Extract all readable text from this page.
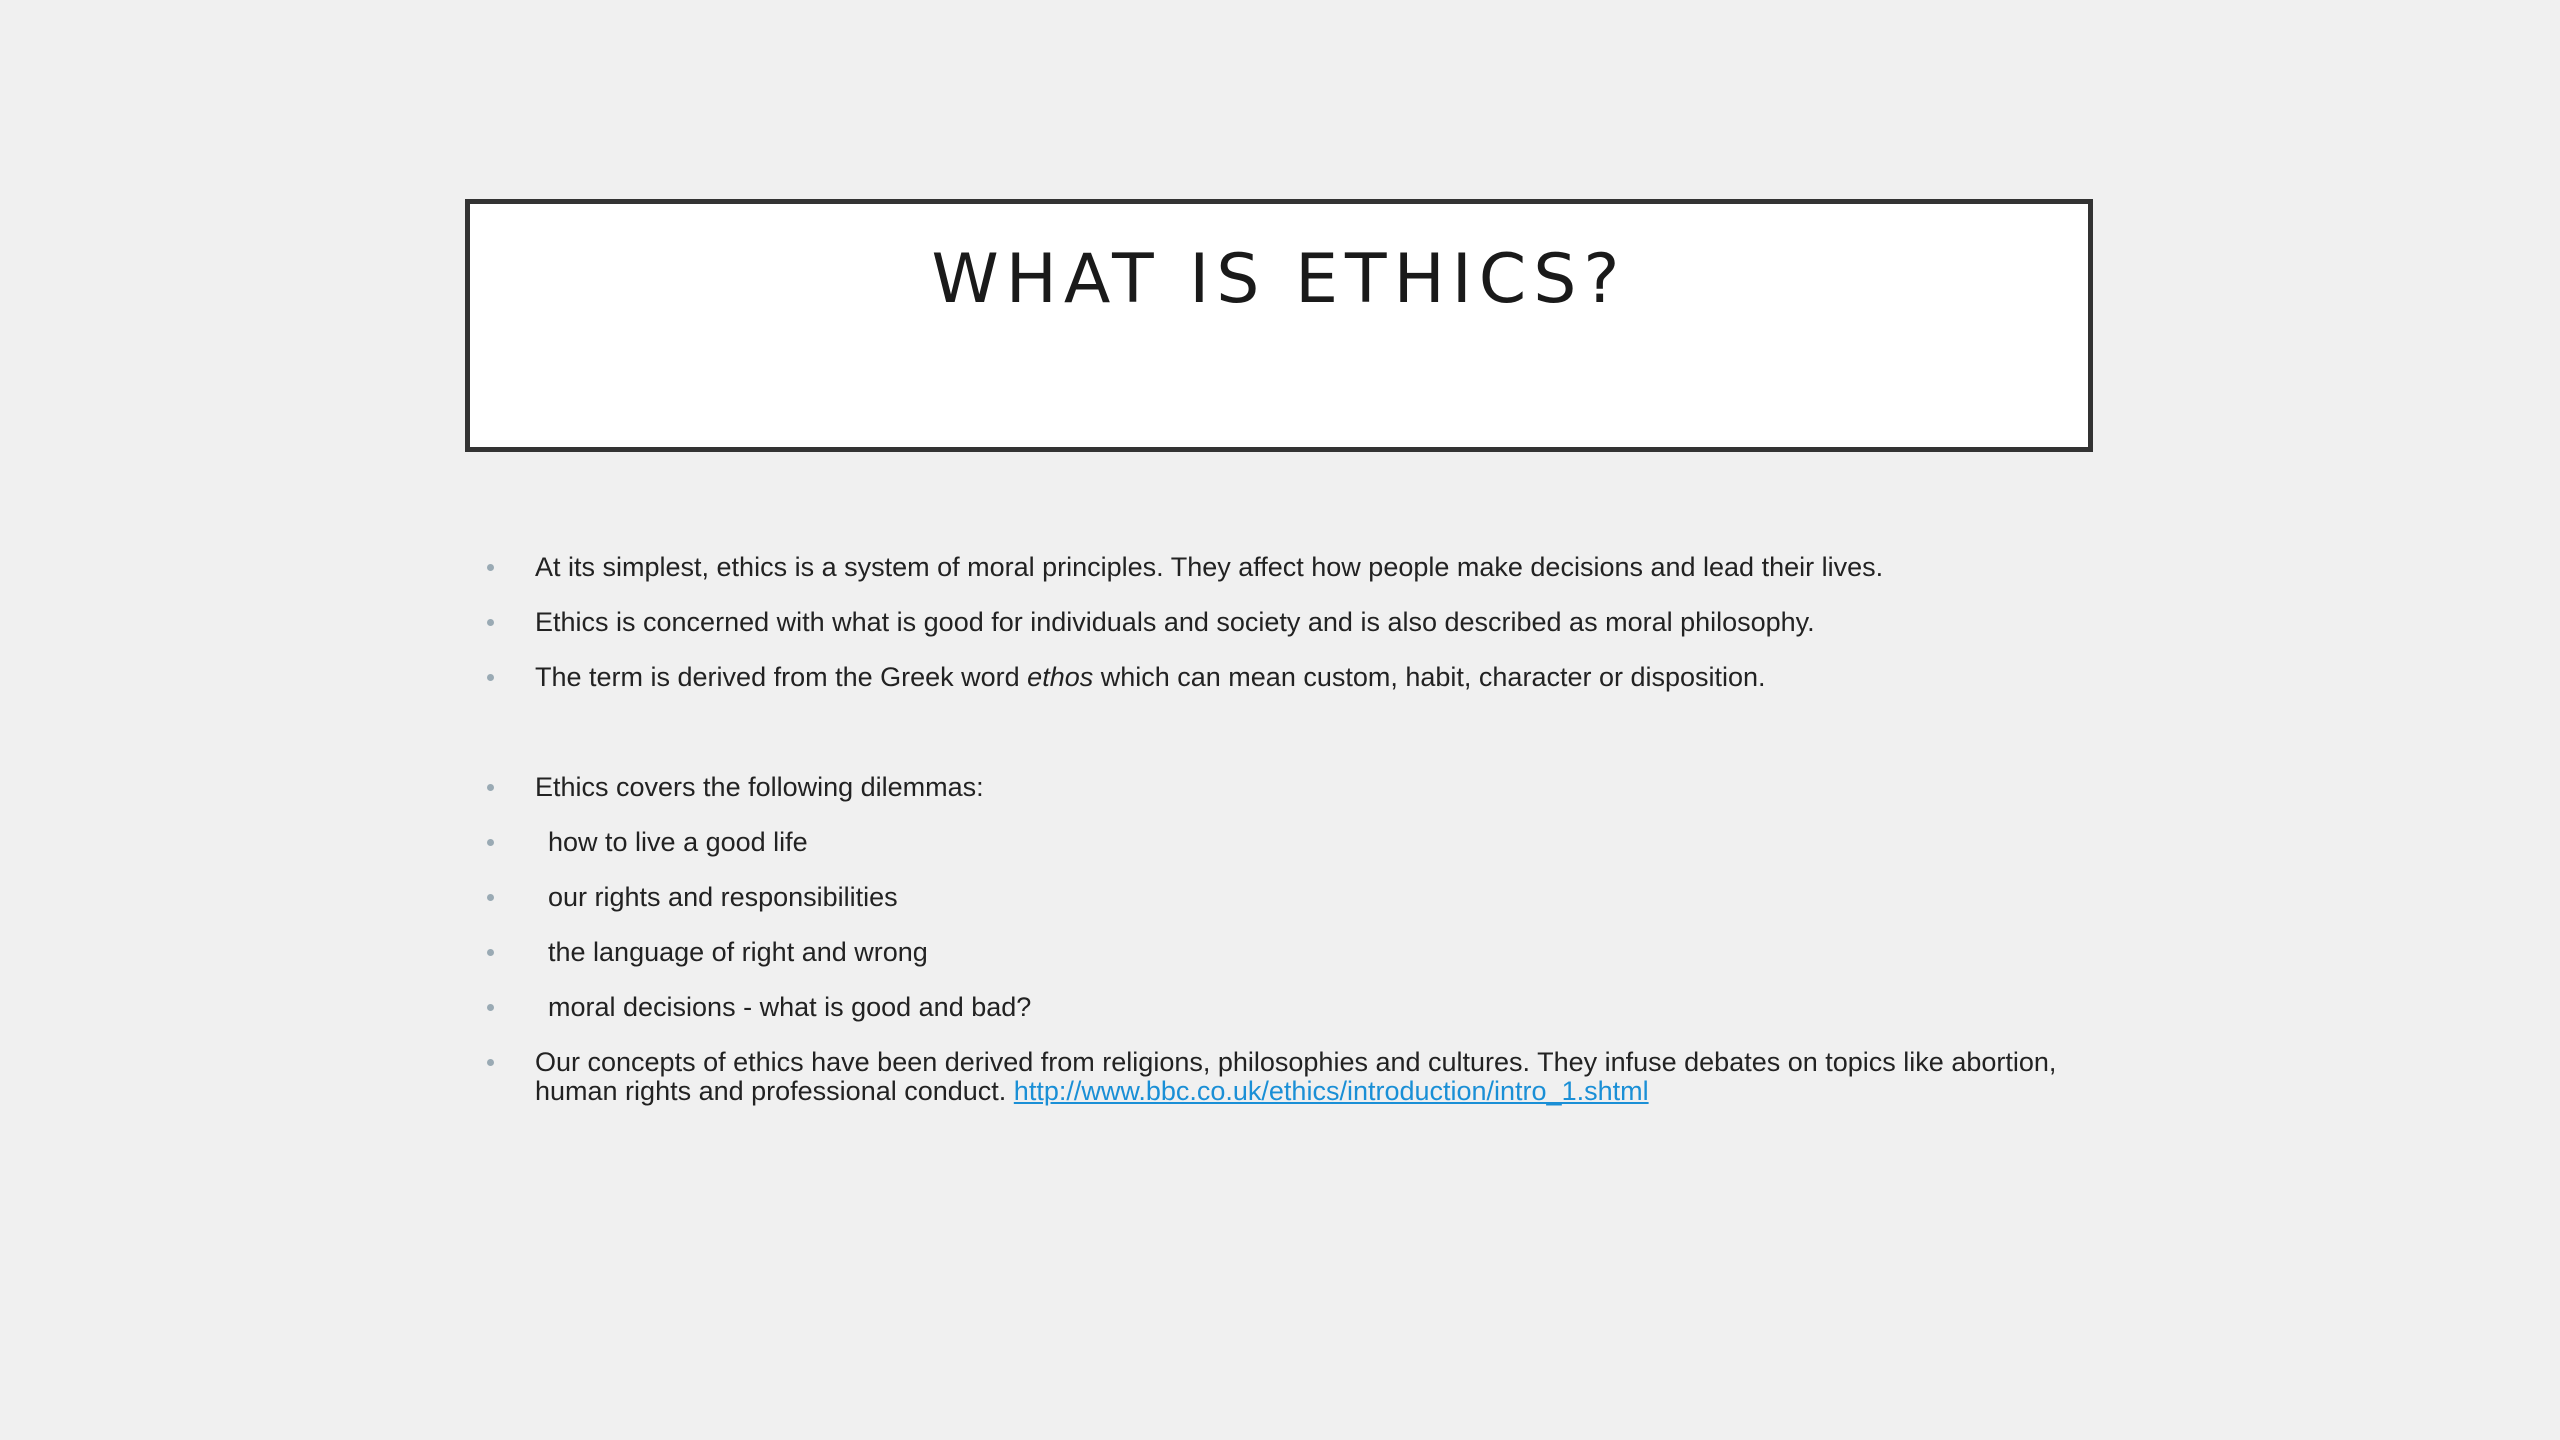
WHAT IS ETHICS?
At its simplest, ethics is a system of moral principles. They affect how people make decisions and lead their lives.
Ethics is concerned with what is good for individuals and society and is also described as moral philosophy.
The term is derived from the Greek word ethos which can mean custom, habit, character or disposition.
Ethics covers the following dilemmas:
how to live a good life
our rights and responsibilities
the language of right and wrong
moral decisions - what is good and bad?
Our concepts of ethics have been derived from religions, philosophies and cultures. They infuse debates on topics like abortion, human rights and professional conduct. http://www.bbc.co.uk/ethics/introduction/intro_1.shtml
